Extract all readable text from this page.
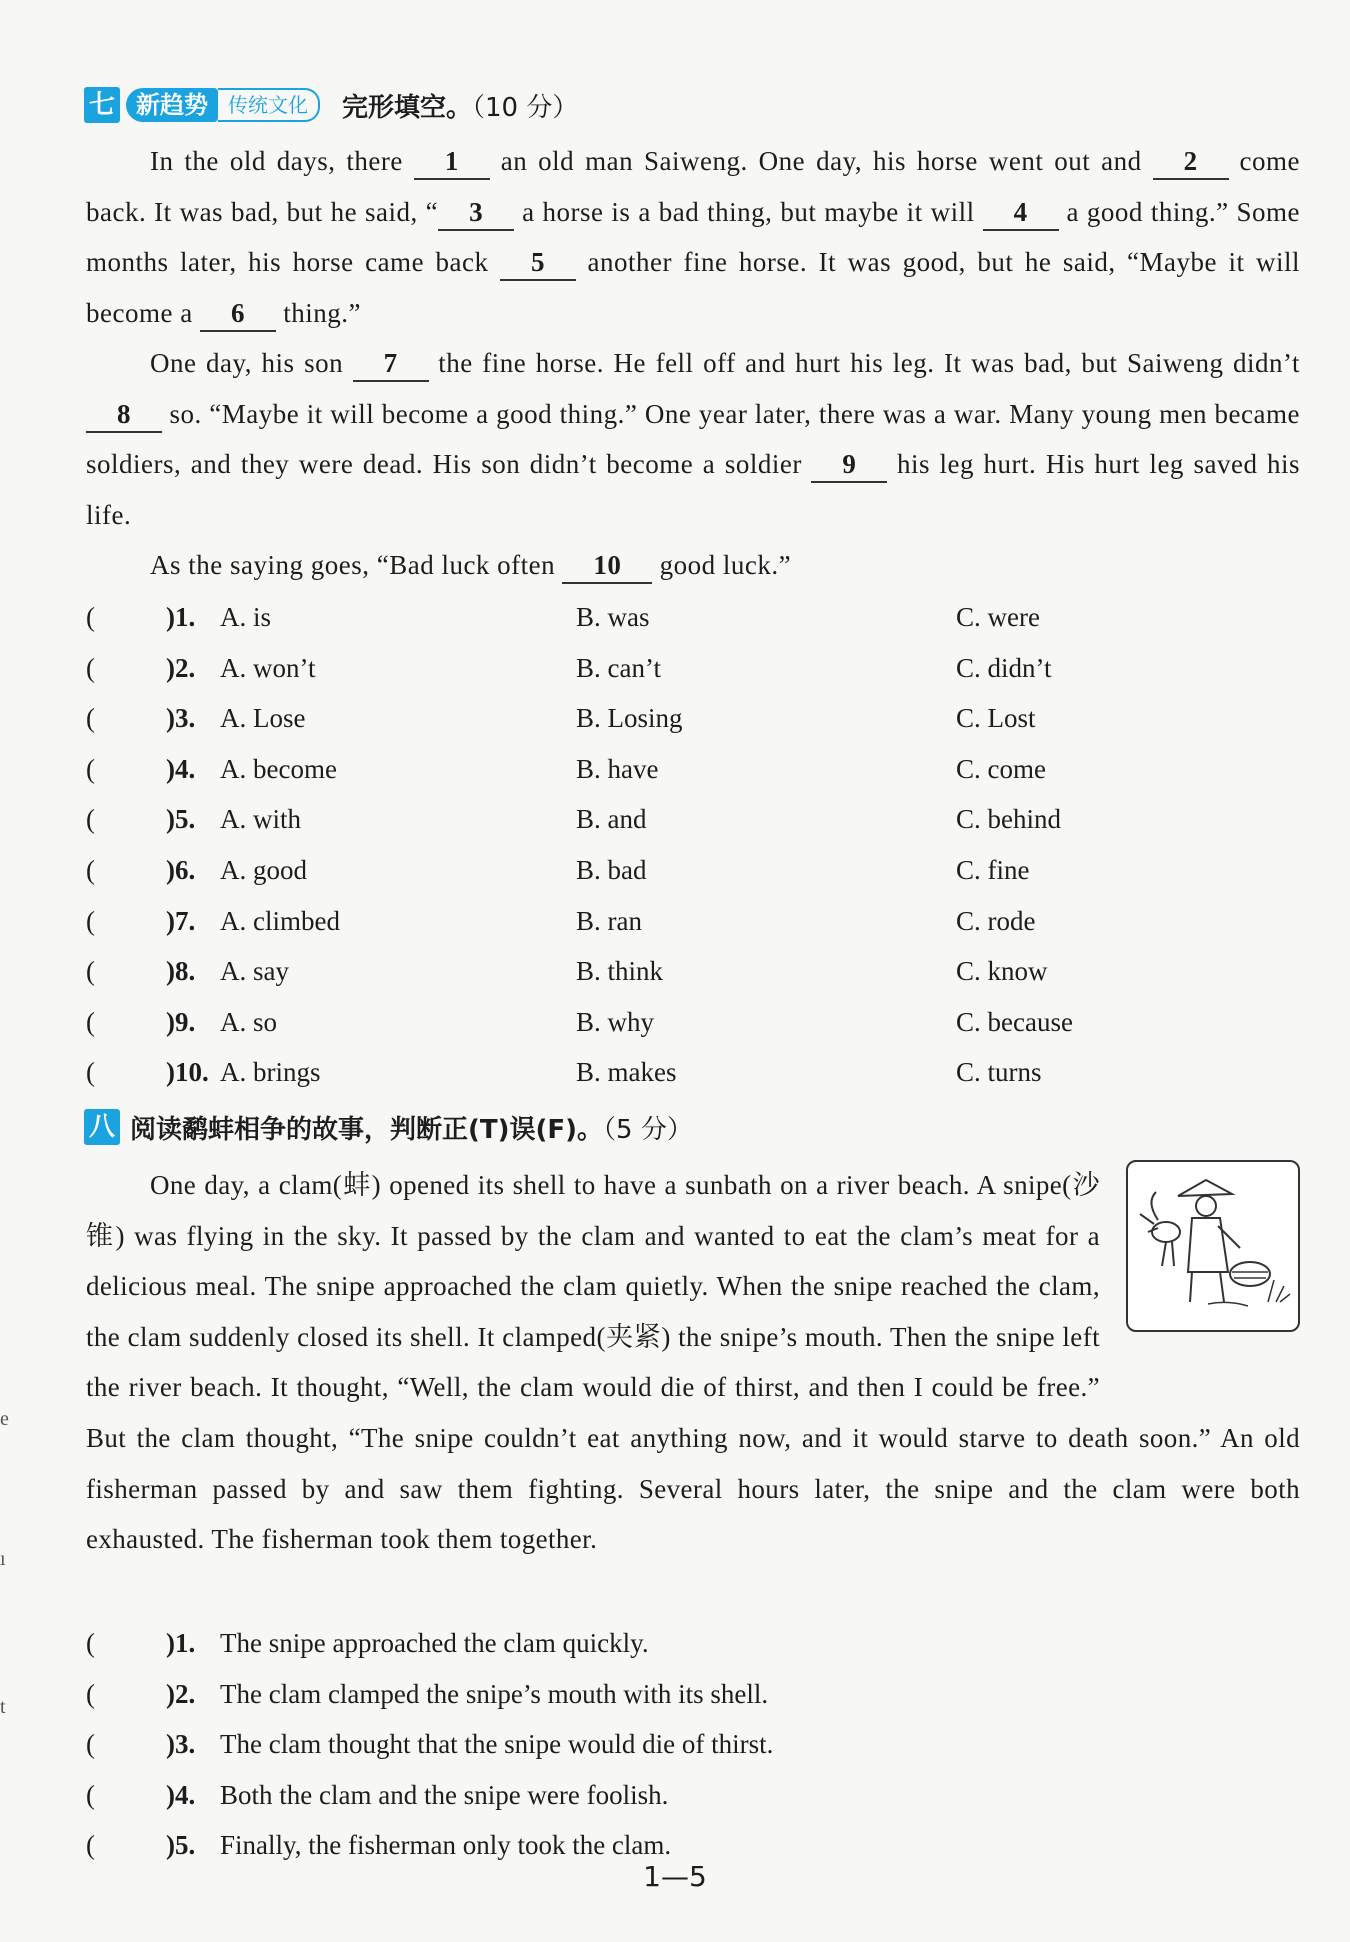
e
ı
t
七 新趋势	传统文化	完形填空。（10 分）
In the old days, there 1 an old man Saiweng. One day, his horse went out and 2 come back. It was bad, but he said, “ 3 a horse is a bad thing, but maybe it will 4 a good thing.” Some months later, his horse came back 5 another fine horse. It was good, but he said, “Maybe it will become a 6 thing.”
One day, his son 7 the fine horse. He fell off and hurt his leg. It was bad, but Saiweng didn’t 8 so. “Maybe it will become a good thing.” One year later, there was a war. Many young men became soldiers, and they were dead. His son didn’t become a soldier 9 his leg hurt. His hurt leg saved his life.
As the saying goes, “Bad luck often 10 good luck.”
(	)1. A. is	B. was	C. were
(	)2. A. won’t	B. can’t	C. didn’t
(	)3. A. Lose	B. Losing	C. Lost
(	)4. A. become	B. have	C. come
(	)5. A. with	B. and	C. behind
(	)6. A. good	B. bad	C. fine
(	)7. A. climbed	B. ran	C. rode
(	)8. A. say	B. think	C. know
(	)9. A. so	B. why	C. because
(	)10. A. brings	B. makes	C. turns
八 阅读鹬蚌相争的故事，判断正(T)误(F)。（5 分）
One day, a clam(蚌) opened its shell to have a sunbath on a river beach. A snipe(沙锥) was flying in the sky. It passed by the clam and wanted to eat the clam’s meat for a delicious meal. The snipe approached the clam quietly. When the snipe reached the clam, the clam suddenly closed its shell. It clamped(夹紧) the snipe’s mouth. Then the snipe left the river beach. It thought, “Well, the clam would die of thirst, and then I could be free.” But the clam thought, “The snipe couldn’t eat anything now, and it would starve to death soon.” An old fisherman passed by and saw them fighting. Several hours later, the snipe and the clam were both exhausted. The fisherman took them together.
(	)1. The snipe approached the clam quickly.
(	)2. The clam clamped the snipe’s mouth with its shell.
(	)3. The clam thought that the snipe would die of thirst.
(	)4. Both the clam and the snipe were foolish.
(	)5. Finally, the fisherman only took the clam.
1—5
